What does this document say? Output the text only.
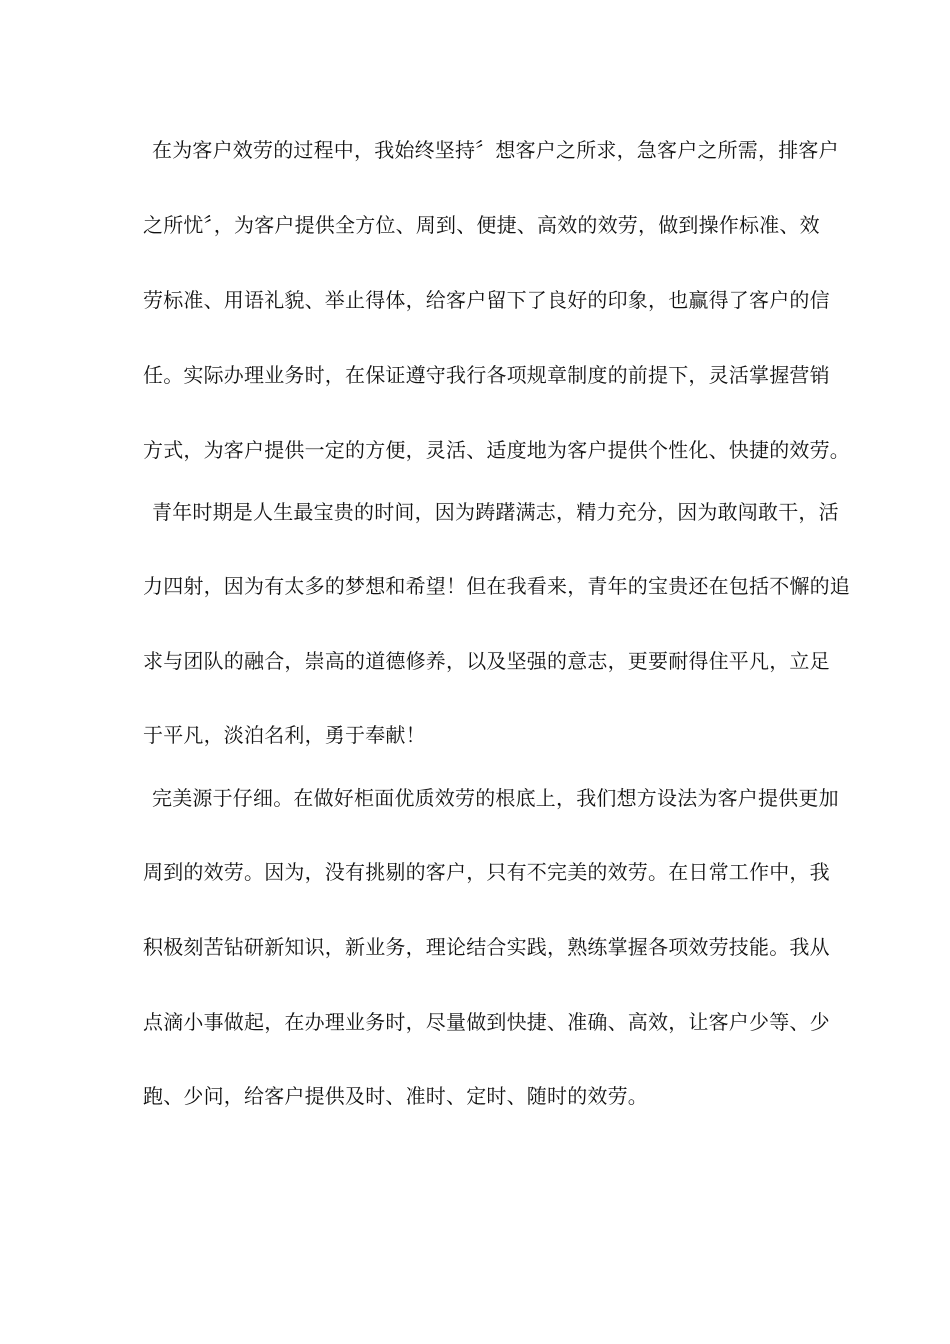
在为客户效劳的过程中，我始终坚持〞想客户之所求，急客户之所需，排客户
之所忧〞，为客户提供全方位、周到、便捷、高效的效劳，做到操作标准、效
劳标准、用语礼貌、举止得体，给客户留下了良好的印象，也赢得了客户的信
任。实际办理业务时，在保证遵守我行各项规章制度的前提下，灵活掌握营销
方式，为客户提供一定的方便，灵活、适度地为客户提供个性化、快捷的效劳。
青年时期是人生最宝贵的时间，因为踌躇满志，精力充分，因为敢闯敢干，活
力四射，因为有太多的梦想和希望！但在我看来，青年的宝贵还在包括不懈的追
求与团队的融合，崇高的道德修养，以及坚强的意志，更要耐得住平凡，立足
于平凡，淡泊名利，勇于奉献！
完美源于仔细。在做好柜面优质效劳的根底上，我们想方设法为客户提供更加
周到的效劳。因为，没有挑剔的客户，只有不完美的效劳。在日常工作中，我
积极刻苦钻研新知识，新业务，理论结合实践，熟练掌握各项效劳技能。我从
点滴小事做起，在办理业务时，尽量做到快捷、准确、高效，让客户少等、少
跑、少问，给客户提供及时、准时、定时、随时的效劳。
